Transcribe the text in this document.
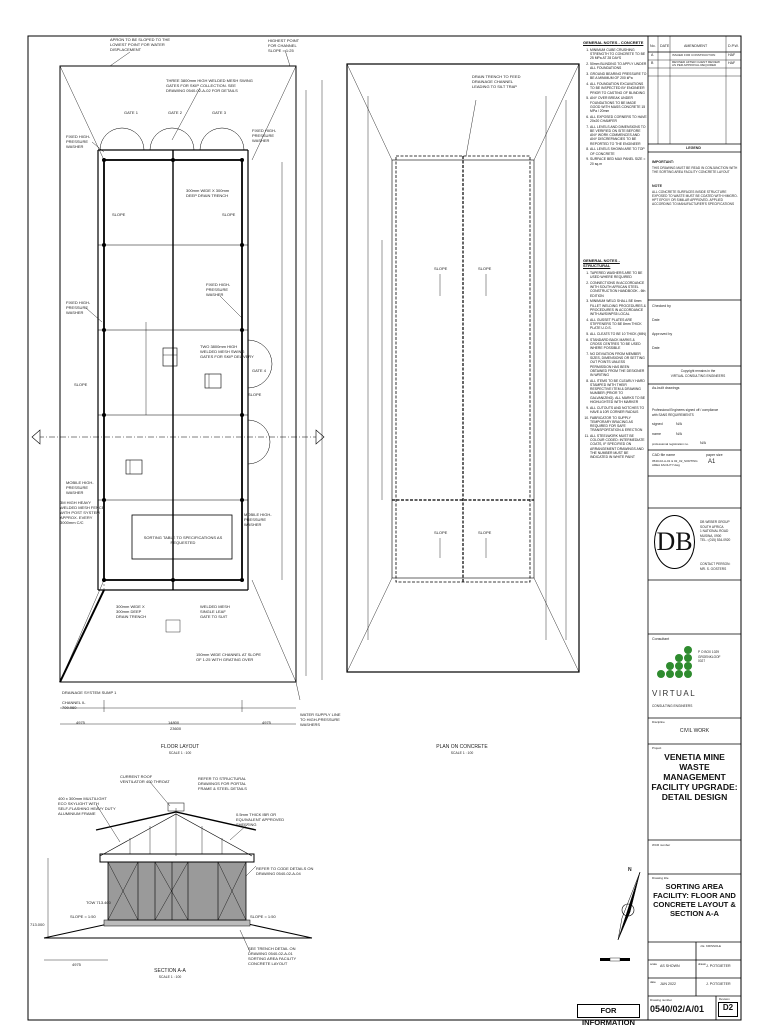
APRON TO BE SLOPED TO THE
LOWEST POINT FOR WATER
DISPLACEMENT
HIGHEST POINT
FOR CHANNEL
SLOPE = 1:25
THREE 3800mm HIGH WELDED MESH SWING
GATES FOR SKIP COLLECTION. SEE
DRAWING 0540-02-A-02 FOR DETAILS
GATE 1	GATE 2	GATE 3
FIXED HIGH-
PRESSURE
WASHER
FIXED HIGH-
PRESSURE
WASHER
FIXED HIGH-
PRESSURE
WASHER
FIXED HIGH-
PRESSURE
WASHER
300mm WIDE X 300mm
DEEP DRAIN TRENCH
TWO 3800mm HIGH
WELDED MESH SWING
GATES FOR SKIP DELIVERY
GATE 4
MOBILE HIGH-
PRESSURE
WASHER
MOBILE HIGH-
PRESSURE
WASHER
3M HIGH HEAVY
WELDED MESH FENCE
WITH POST SYSTEM
APPROX. EVERY
3000mm C/C
SORTING TABLE TO SPECIFICATIONS AS REQUESTED
300mm WIDE X
300mm DEEP
DRAIN TRENCH
WELDED MESH
SINGLE LEAF
GATE TO SUIT
150mm WIDE CHANNEL AT SLOPE
OF 1:25 WITH GRATING OVER
DRAINAGE SYSTEM SUMP 1
CHANNEL IL
709.960
WATER SUPPLY LINE
TO HIGH-PRESSURE
WASHERS
SLOPE	SLOPE
SLOPE
SLOPE
4975	14800	4975
23600
FLOOR LAYOUT
SCALE 1 : 100
DRAIN TRENCH TO FEED
DRAINAGE CHANNEL
LEADING TO SILT TRAP
SLOPE	SLOPE
SLOPE	SLOPE
PLAN ON CONCRETE
SCALE 1 : 100
CURRENT ROOF
VENTILATOR 400 THROAT
REFER TO STRUCTURAL
DRAWINGS FOR PORTAL
FRAME & STEEL DETAILS
400 x 300mm MULTILIGHT
ECO SKYLIGHT WITH
SELF-FLASHING HEAVY DUTY
ALUMINIUM FRAME	0.5mm THICK IBR OR
EQUIVALENT APPROVED
SHEETING
REFER TO CODE DETAILS ON
DRAWING 0540-02-A-04
TOW 713.460
SLOPE = 1:50	SLOPE = 1:50
SEE TRENCH DETAIL ON
DRAWING 0540-02-A-01
SORTING AREA FACILITY
CONCRETE LAYOUT
713.000
4975
SECTION A-A
SCALE 1 : 100
GENERAL NOTES - CONCRETE
1. MINIMUM CUBE CRUSHING STRENGTH TO CONCRETE TO BE 25 MPa AT 28 DAYS
2. 50mm BLINDING TO APPLY UNDER ALL FOUNDATIONS
3. GROUND BEARING PRESSURE TO BE A MINIMUM OF 200 kPa
4. ALL FOUNDATION EXCAVATIONS TO BE INSPECTED BY ENGINEER PRIOR TO CASTING OF BLINDING
5. ANY OVER BREAK UNDER FOUNDATIONS TO BE MADE GOOD WITH MASS CONCRETE 15 MPa / 20mm
6. ALL EXPOSED CORNERS TO HAVE 20x20 CHAMFER
7. ALL LEVELS AND DIMENSIONS TO BE VERIFIED ON SITE BEFORE ANY WORK COMMENCES AND ANY DISCREPANCIES TO BE REPORTED TO THE ENGINEER
8. ALL LEVELS SHOWN ARE TO TOP OF CONCRETE
9. SURFACE BED MAX PANEL SIZE = 20 sq.m
GENERAL NOTES - STRUCTURAL
1. TAPERED WASHERS ARE TO BE USED WHERE REQUIRED
2. CONNECTIONS IN ACCORDANCE WITH SOUTH AFRICAN STEEL CONSTRUCTION HANDBOOK - 6th EDITION
3. MINIMUM WELD SHALL BE 6mm FILLET WELDING PROCEDURES & PROCEDURES IN ACCORDANCE WITH AWS/WPS5 LOCAL
4. ALL GUSSET PLATES ARE STIFFENERS TO BE 8mm THICK PLATE U.O.S.
5. ALL CLEATS TO BE 10 THICK (MIN)
6. STANDARD BACK MARKS & CROSS CENTRES TO BE USED WHERE POSSIBLE
7. NO DEVIATION FROM MEMBER SIZES, DIMENSIONS OR SETTING OUT POINTS UNLESS PERMISSION HAS BEEN OBTAINED FROM THE DESIGNER IN WRITING
8. ALL ITEMS TO BE CLEARLY HARD STAMPED WITH THEIR RESPECTIVE ITEM & DRAWING NUMBER (PRIOR TO GALVANIZING). ALL MARKS TO BE HIGHLIGHTED WITH MARKER
9. ALL CUTOUTS AND NOTCHES TO HAVE A 10R CORNER RADIUS
10. FABRICATOR TO SUPPLY TEMPORARY BRACING AS REQUIRED FOR SAFE TRANSPORTATION & ERECTION
11. ALL STEELWORK MUST BE COLOUR CODED: INTERMEDIATE COATS, IF SPECIFIED ON ARRANGEMENT DRAWINGS AND THE NUMBER MUST BE INDICATED IN WHITE PAINT
No. DATE	AMENDMENT	D.P.W.
A	ISSUED FOR CONSTRUCTION	HAF
B	REVISED AFTER CLIENT REVIEW
AS PER APPROVAL REQUIRED
HAF
LEGEND
IMPORTANT:
THIS DRAWING MUST BE READ IN CONJUNCTION WITH THE SORTING AREA FACILITY CONCRETE LAYOUT
NOTE
ALL CONCRETE SURFACES INSIDE STRUCTURE EXPOSED TO WASTE MUST BE COATED WITH HIMGRO-HPT EPOXY OR SIMILAR APPROVED. APPLIED ACCORDING TO MANUFACTURER'S SPECIFICATIONS
Checked by
Date
Approved by
Date
Copyright remains in the
VIRTUAL CONSULTING ENGINEERS
As-built drawings
Professional Engineers signed off / compliance
with SANS REQUIREMENTS
signed	N/A
name	N/A
professional registration no.	N/A
CAD file name
0540-02-A-01 & 02_02_SORTING AREA FACILITY.dwg
paper size
A1
DB
DB WEBER GROUP
SOUTH AFRICA
1 NATIONAL ROAD
MUSINA, 0900
TEL.: (015) 534-0920
CONTACT PERSON:
MR. S. OOSTERS
Consultant
P O BOX 1029
GROENKLOOF
0027
VIRTUAL
CONSULTING ENGINEERS
Discipline
CIVIL WORK
Project
VENETIA MINE WASTE MANAGEMENT FACILITY UPGRADE: DETAIL DESIGN
WCR number
Drawing title
SORTING AREA FACILITY: FLOOR AND CONCRETE LAYOUT & SECTION A-A
J.E. KRISSOLE
scale AS SHOWN	drawn J. POTGIETER
date JUN 2022	J. POTGIETER
Drawing number	Revision
0540/02/A/01	D2
FOR INFORMATION
N
